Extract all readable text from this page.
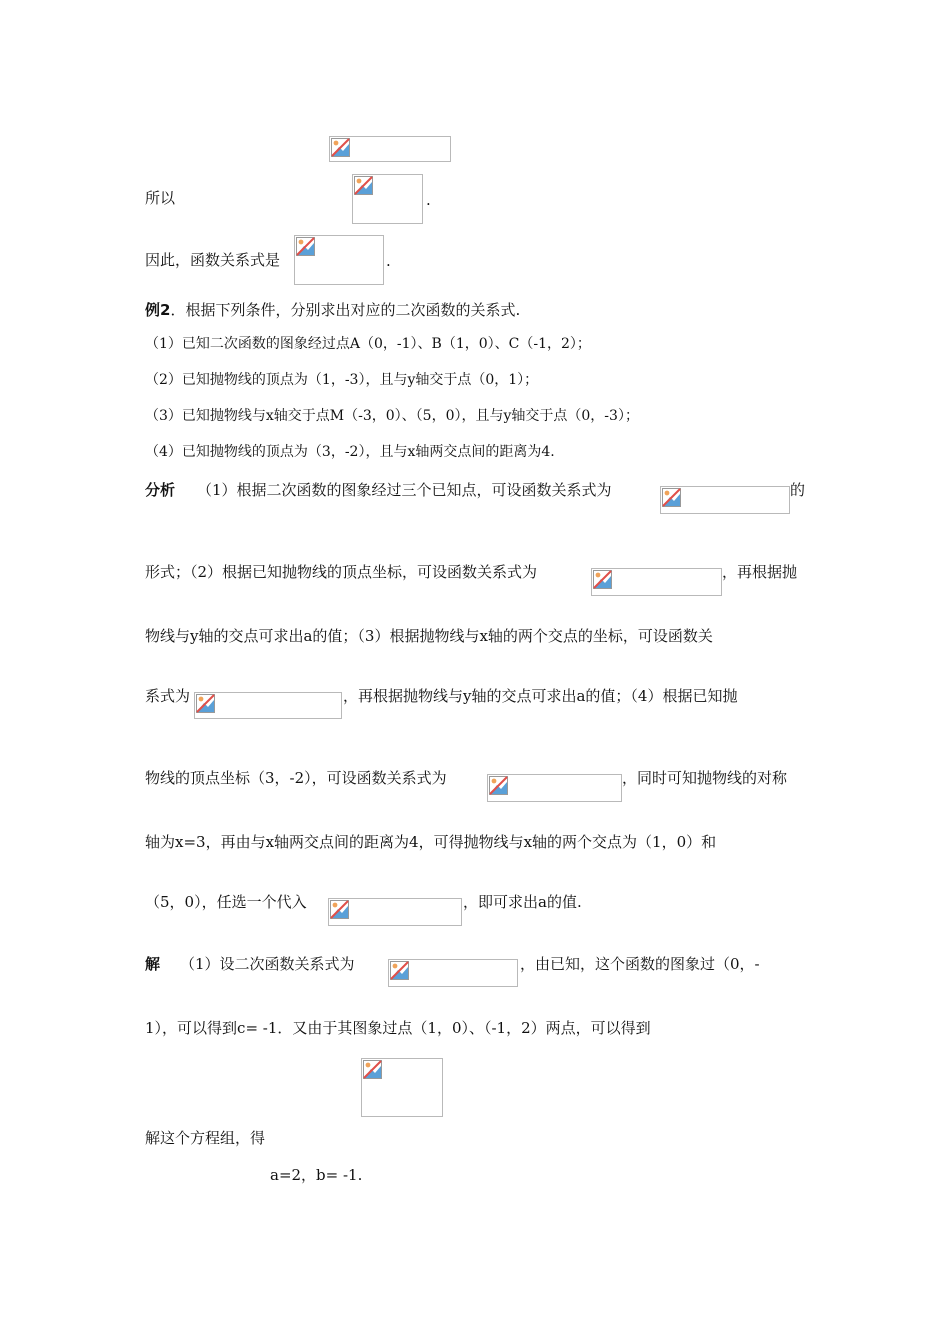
所以	.
因此，函数关系式是	.
例2．根据下列条件，分别求出对应的二次函数的关系式.
（1）已知二次函数的图象经过点A（0，-1）、B（1，0）、C（-1，2）；
（2）已知抛物线的顶点为（1，-3），且与y轴交于点（0，1）；
（3）已知抛物线与x轴交于点M（-3，0）、（5，0），且与y轴交于点（0，-3）；
（4）已知抛物线的顶点为（3，-2），且与x轴两交点间的距离为4.
分析 （1）根据二次函数的图象经过三个已知点，可设函数关系式为	的
形式；（2）根据已知抛物线的顶点坐标，可设函数关系式为	，再根据抛
物线与y轴的交点可求出a的值；（3）根据抛物线与x轴的两个交点的坐标，可设函数关
系式为	，再根据抛物线与y轴的交点可求出a的值；（4）根据已知抛
物线的顶点坐标（3，-2），可设函数关系式为	，同时可知抛物线的对称
轴为x=3，再由与x轴两交点间的距离为4，可得抛物线与x轴的两个交点为（1，0）和
（5，0），任选一个代入	，即可求出a的值.
解 （1）设二次函数关系式为	，由已知，这个函数的图象过（0，-
1），可以得到c= -1．又由于其图象过点（1，0）、（-1，2）两点，可以得到
解这个方程组，得
a=2，b= -1.
